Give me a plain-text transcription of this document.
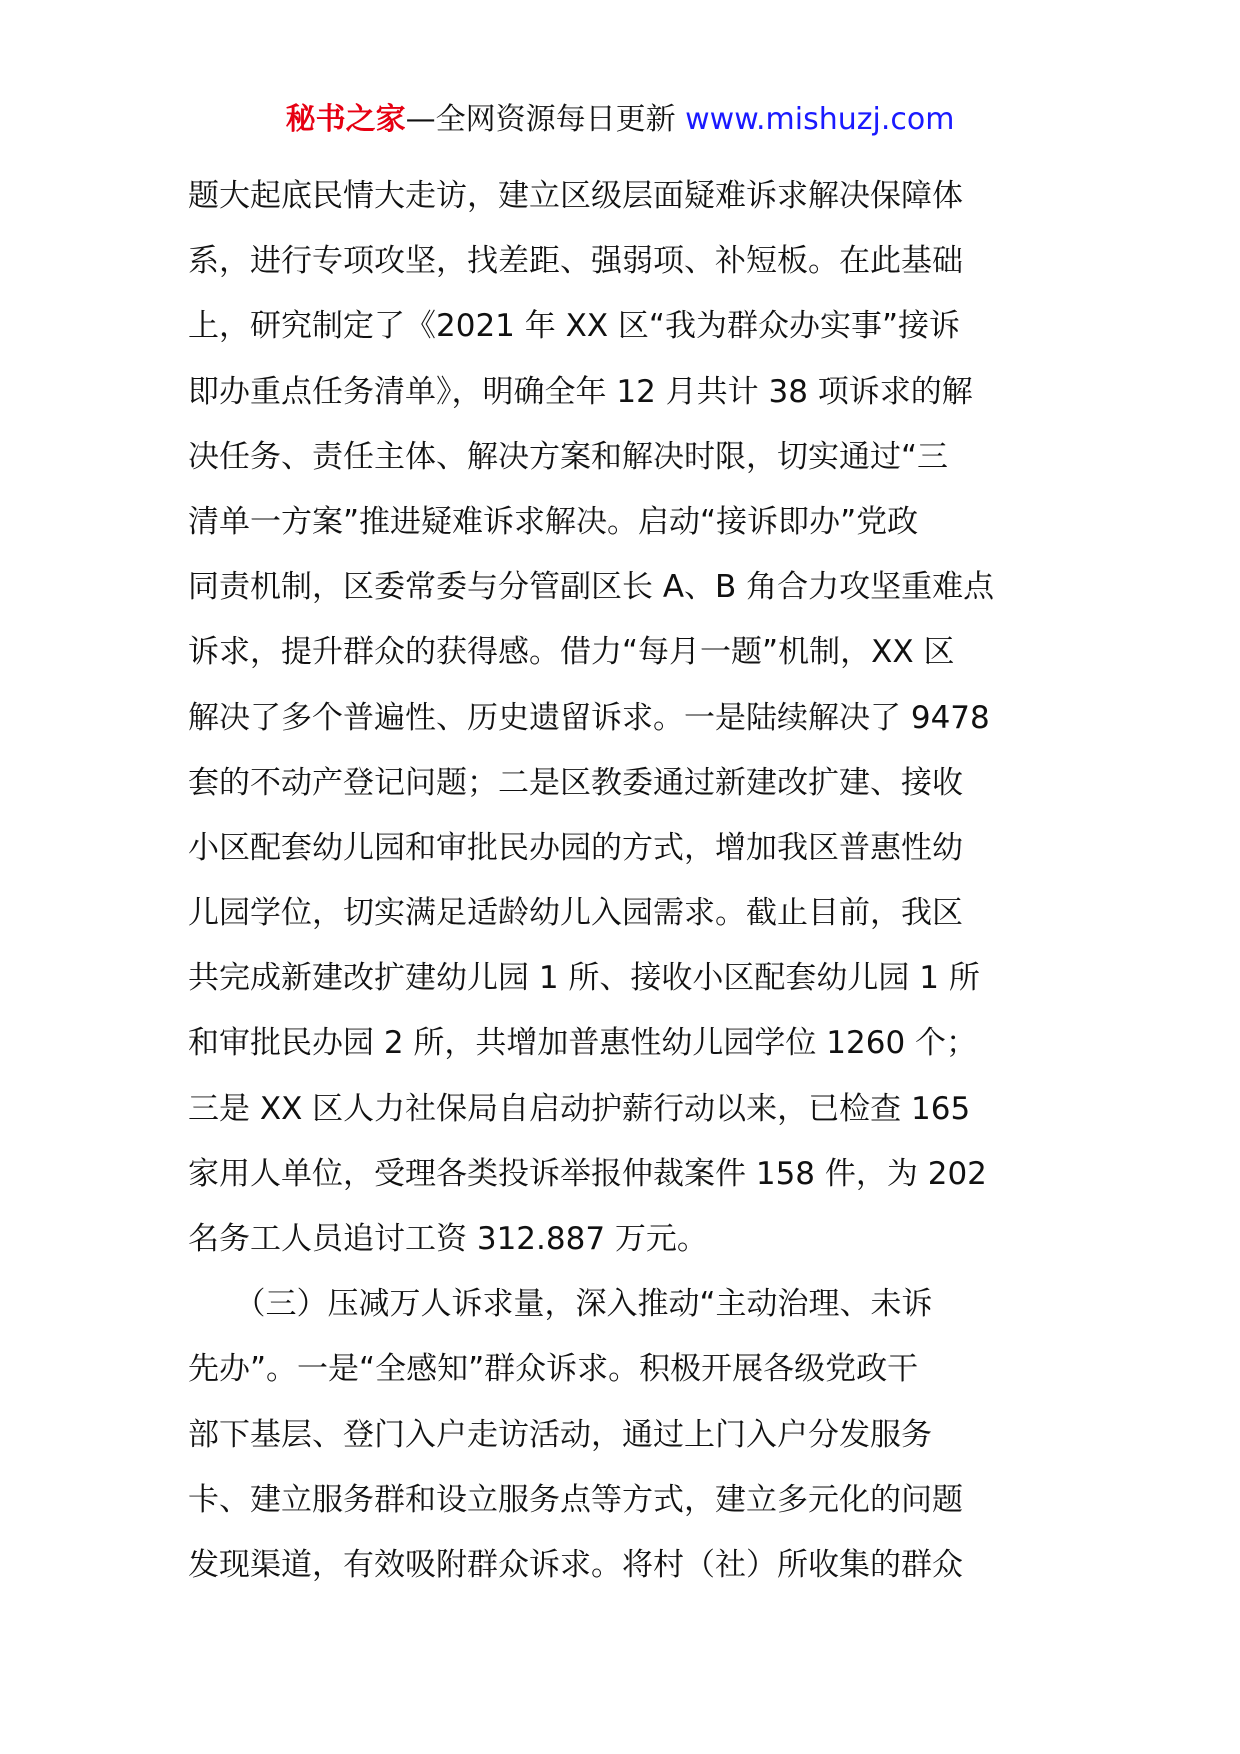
秘书之家—全网资源每日更新 www.mishuzj.com
题大起底民情大走访，建立区级层面疑难诉求解决保障体
系，进行专项攻坚，找差距、强弱项、补短板。在此基础
上，研究制定了《2021 年 XX 区“我为群众办实事”接诉
即办重点任务清单》，明确全年 12 月共计 38 项诉求的解
决任务、责任主体、解决方案和解决时限，切实通过“三
清单一方案”推进疑难诉求解决。启动“接诉即办”党政
同责机制，区委常委与分管副区长 A、B 角合力攻坚重难点
诉求，提升群众的获得感。借力“每月一题”机制，XX 区
解决了多个普遍性、历史遗留诉求。一是陆续解决了 9478
套的不动产登记问题；二是区教委通过新建改扩建、接收
小区配套幼儿园和审批民办园的方式，增加我区普惠性幼
儿园学位，切实满足适龄幼儿入园需求。截止目前，我区
共完成新建改扩建幼儿园 1 所、接收小区配套幼儿园 1 所
和审批民办园 2 所，共增加普惠性幼儿园学位 1260 个；
三是 XX 区人力社保局自启动护薪行动以来，已检查 165
家用人单位，受理各类投诉举报仲裁案件 158 件，为 202
名务工人员追讨工资 312.887 万元。
　　（三）压减万人诉求量，深入推动“主动治理、未诉
先办”。一是“全感知”群众诉求。积极开展各级党政干
部下基层、登门入户走访活动，通过上门入户分发服务
卡、建立服务群和设立服务点等方式，建立多元化的问题
发现渠道，有效吸附群众诉求。将村（社）所收集的群众
